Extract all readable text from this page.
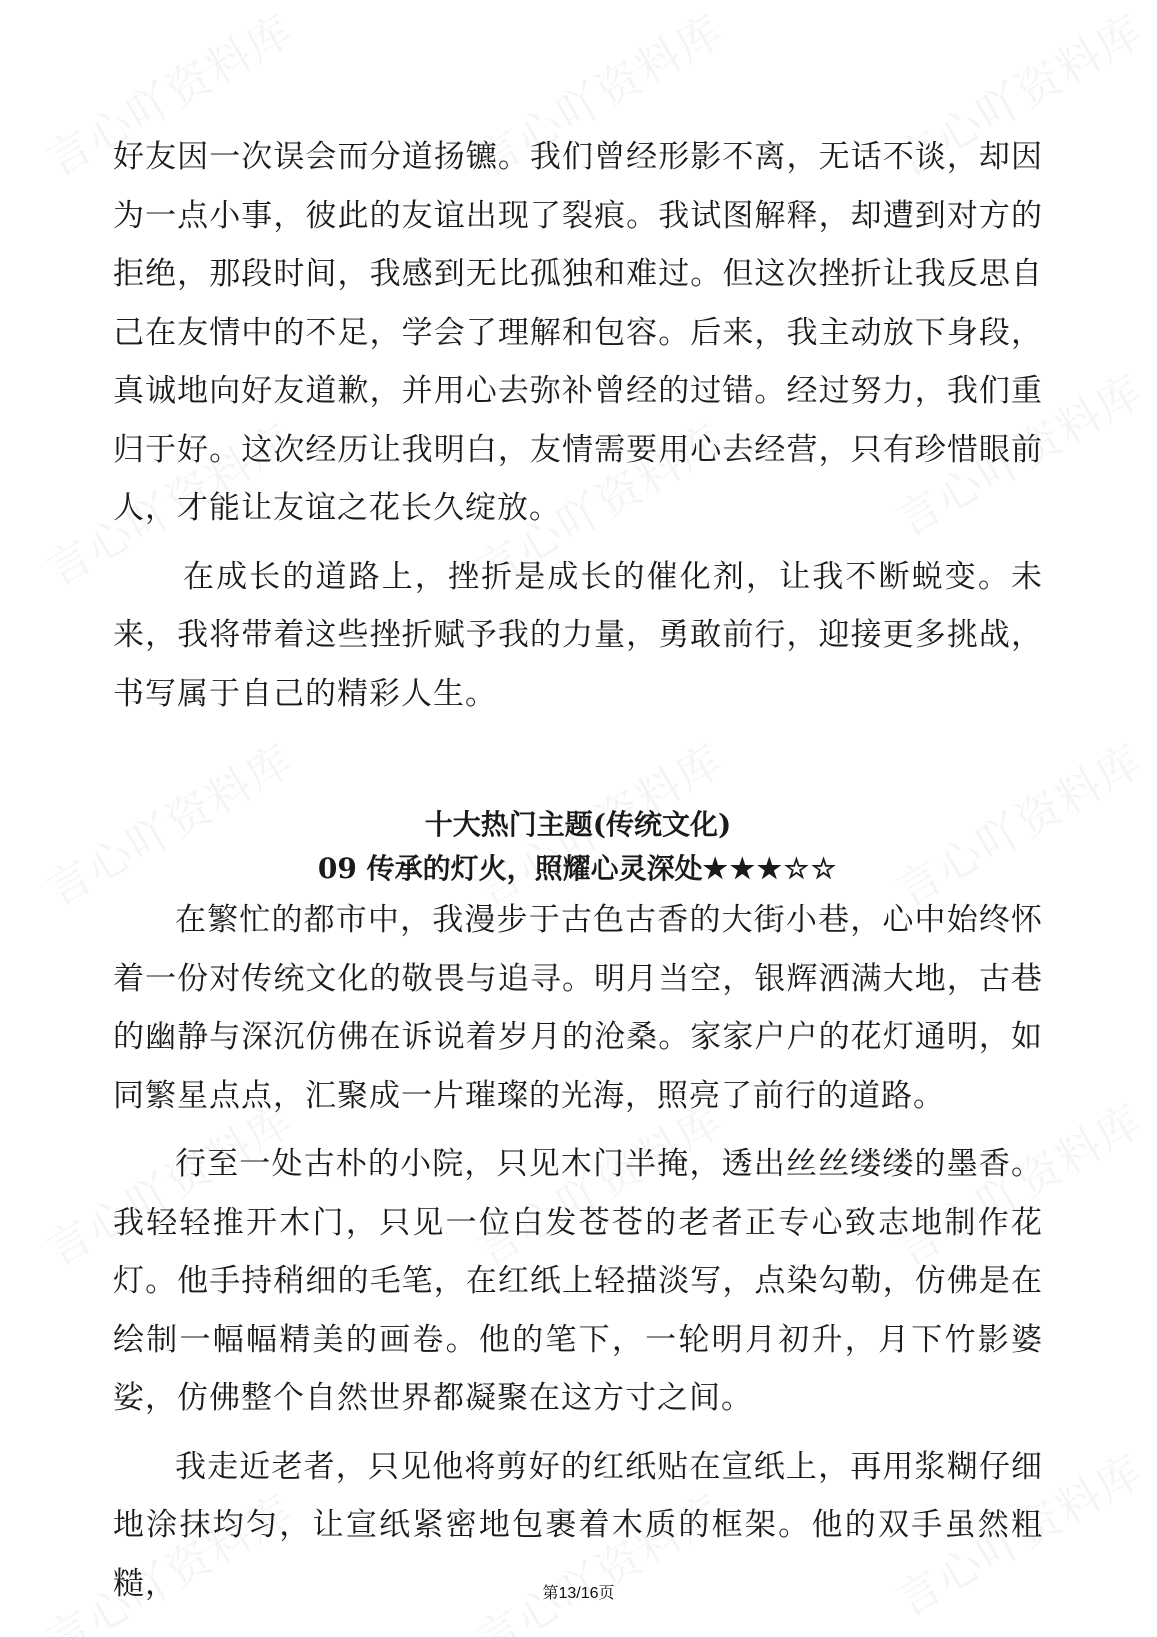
好友因一次误会而分道扬镳。我们曾经形影不离，无话不谈，却因为一点小事，彼此的友谊出现了裂痕。我试图解释，却遭到对方的拒绝，那段时间，我感到无比孤独和难过。但这次挫折让我反思自己在友情中的不足，学会了理解和包容。后来，我主动放下身段，真诚地向好友道歉，并用心去弥补曾经的过错。经过努力，我们重归于好。这次经历让我明白，友情需要用心去经营，只有珍惜眼前人，才能让友谊之花长久绽放。

在成长的道路上，挫折是成长的催化剂，让我不断蜕变。未来，我将带着这些挫折赋予我的力量，勇敢前行，迎接更多挑战，书写属于自己的精彩人生。

十大热门主题(传统文化)

09 传承的灯火，照耀心灵深处★★★☆☆

在繁忙的都市中，我漫步于古色古香的大街小巷，心中始终怀着一份对传统文化的敬畏与追寻。明月当空，银辉洒满大地，古巷的幽静与深沉仿佛在诉说着岁月的沧桑。家家户户的花灯通明，如同繁星点点，汇聚成一片璀璨的光海，照亮了前行的道路。

行至一处古朴的小院，只见木门半掩，透出丝丝缕缕的墨香。我轻轻推开木门，只见一位白发苍苍的老者正专心致志地制作花灯。他手持稍细的毛笔，在红纸上轻描淡写，点染勾勒，仿佛是在绘制一幅幅精美的画卷。他的笔下，一轮明月初升，月下竹影婆娑，仿佛整个自然世界都凝聚在这方寸之间。

我走近老者，只见他将剪好的红纸贴在宣纸上，再用浆糊仔细地涂抹均匀，让宣纸紧密地包裹着木质的框架。他的双手虽然粗糙，	第13/16页
